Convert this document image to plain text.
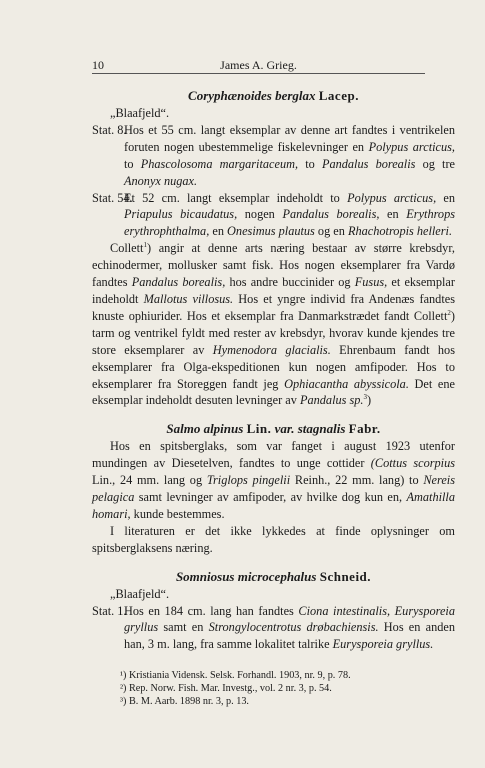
10	James A. Grieg.
Coryphænoides berglax Lacep.

„Blaafjeld“.

Stat. 8.
Hos et 55 cm. langt eksemplar av denne art fandtes i ventrikelen foruten nogen ubestemmelige fiskelevninger en Polypus arcticus, to Phascolosoma margaritaceum, to Pandalus borealis og tre Anonyx nugax.

Stat. 54.
Et 52 cm. langt eksemplar indeholdt to Polypus arcticus, en Priapulus bicaudatus, nogen Pandalus borealis, en Erythrops erythrophthalma, en Onesimus plautus og en Rhachotropis helleri.

Collett$^1$) angir at denne arts næring bestaar av større krebsdyr, echinodermer, mollusker samt fisk. Hos nogen eksemplarer fra Vardø fandtes Pandalus borealis, hos andre buccinider og Fusus, et eksemplar indeholdt Mallotus villosus. Hos et yngre individ fra Andenæs fandtes knuste ophiurider. Hos et eksemplar fra Danmarkstrædet fandt Collett$^2$) tarm og ventrikel fyldt med rester av krebsdyr, hvorav kunde kjendes tre store eksemplarer av Hymenodora glacialis. Ehrenbaum fandt hos eksemplarer fra Olga-ekspeditionen kun nogen amfipoder. Hos to eksemplarer fra Storeggen fandt jeg Ophiacantha abyssicola. Det ene eksemplar indeholdt desuten levninger av Pandalus sp.$^3$)

Salmo alpinus Lin. var. stagnalis Fabr.

Hos en spitsberglaks, som var fanget i august 1923 utenfor mundingen av Diesetelven, fandtes to unge cottider (Cottus scorpius Lin., 24 mm. lang og Triglops pingelii Reinh., 22 mm. lang) to Nereis pelagica samt levninger av amfipoder, av hvilke dog kun en, Amathilla homari, kunde bestemmes.

I literaturen er det ikke lykkedes at finde oplysninger om spitsberglaksens næring.

Somniosus microcephalus Schneid.

„Blaafjeld“.

Stat. 1.
Hos en 184 cm. lang han fandtes Ciona intestinalis, Eurysporeia gryllus samt en Strongylocentrotus drøbachiensis. Hos en anden han, 3 m. lang, fra samme lokalitet talrike Eurysporeia gryllus.

¹) Kristiania Vidensk. Selsk. Forhandl. 1903, nr. 9, p. 78.

²) Rep. Norw. Fish. Mar. Investg., vol. 2 nr. 3, p. 54.

³) B. M. Aarb. 1898 nr. 3, p. 13.
